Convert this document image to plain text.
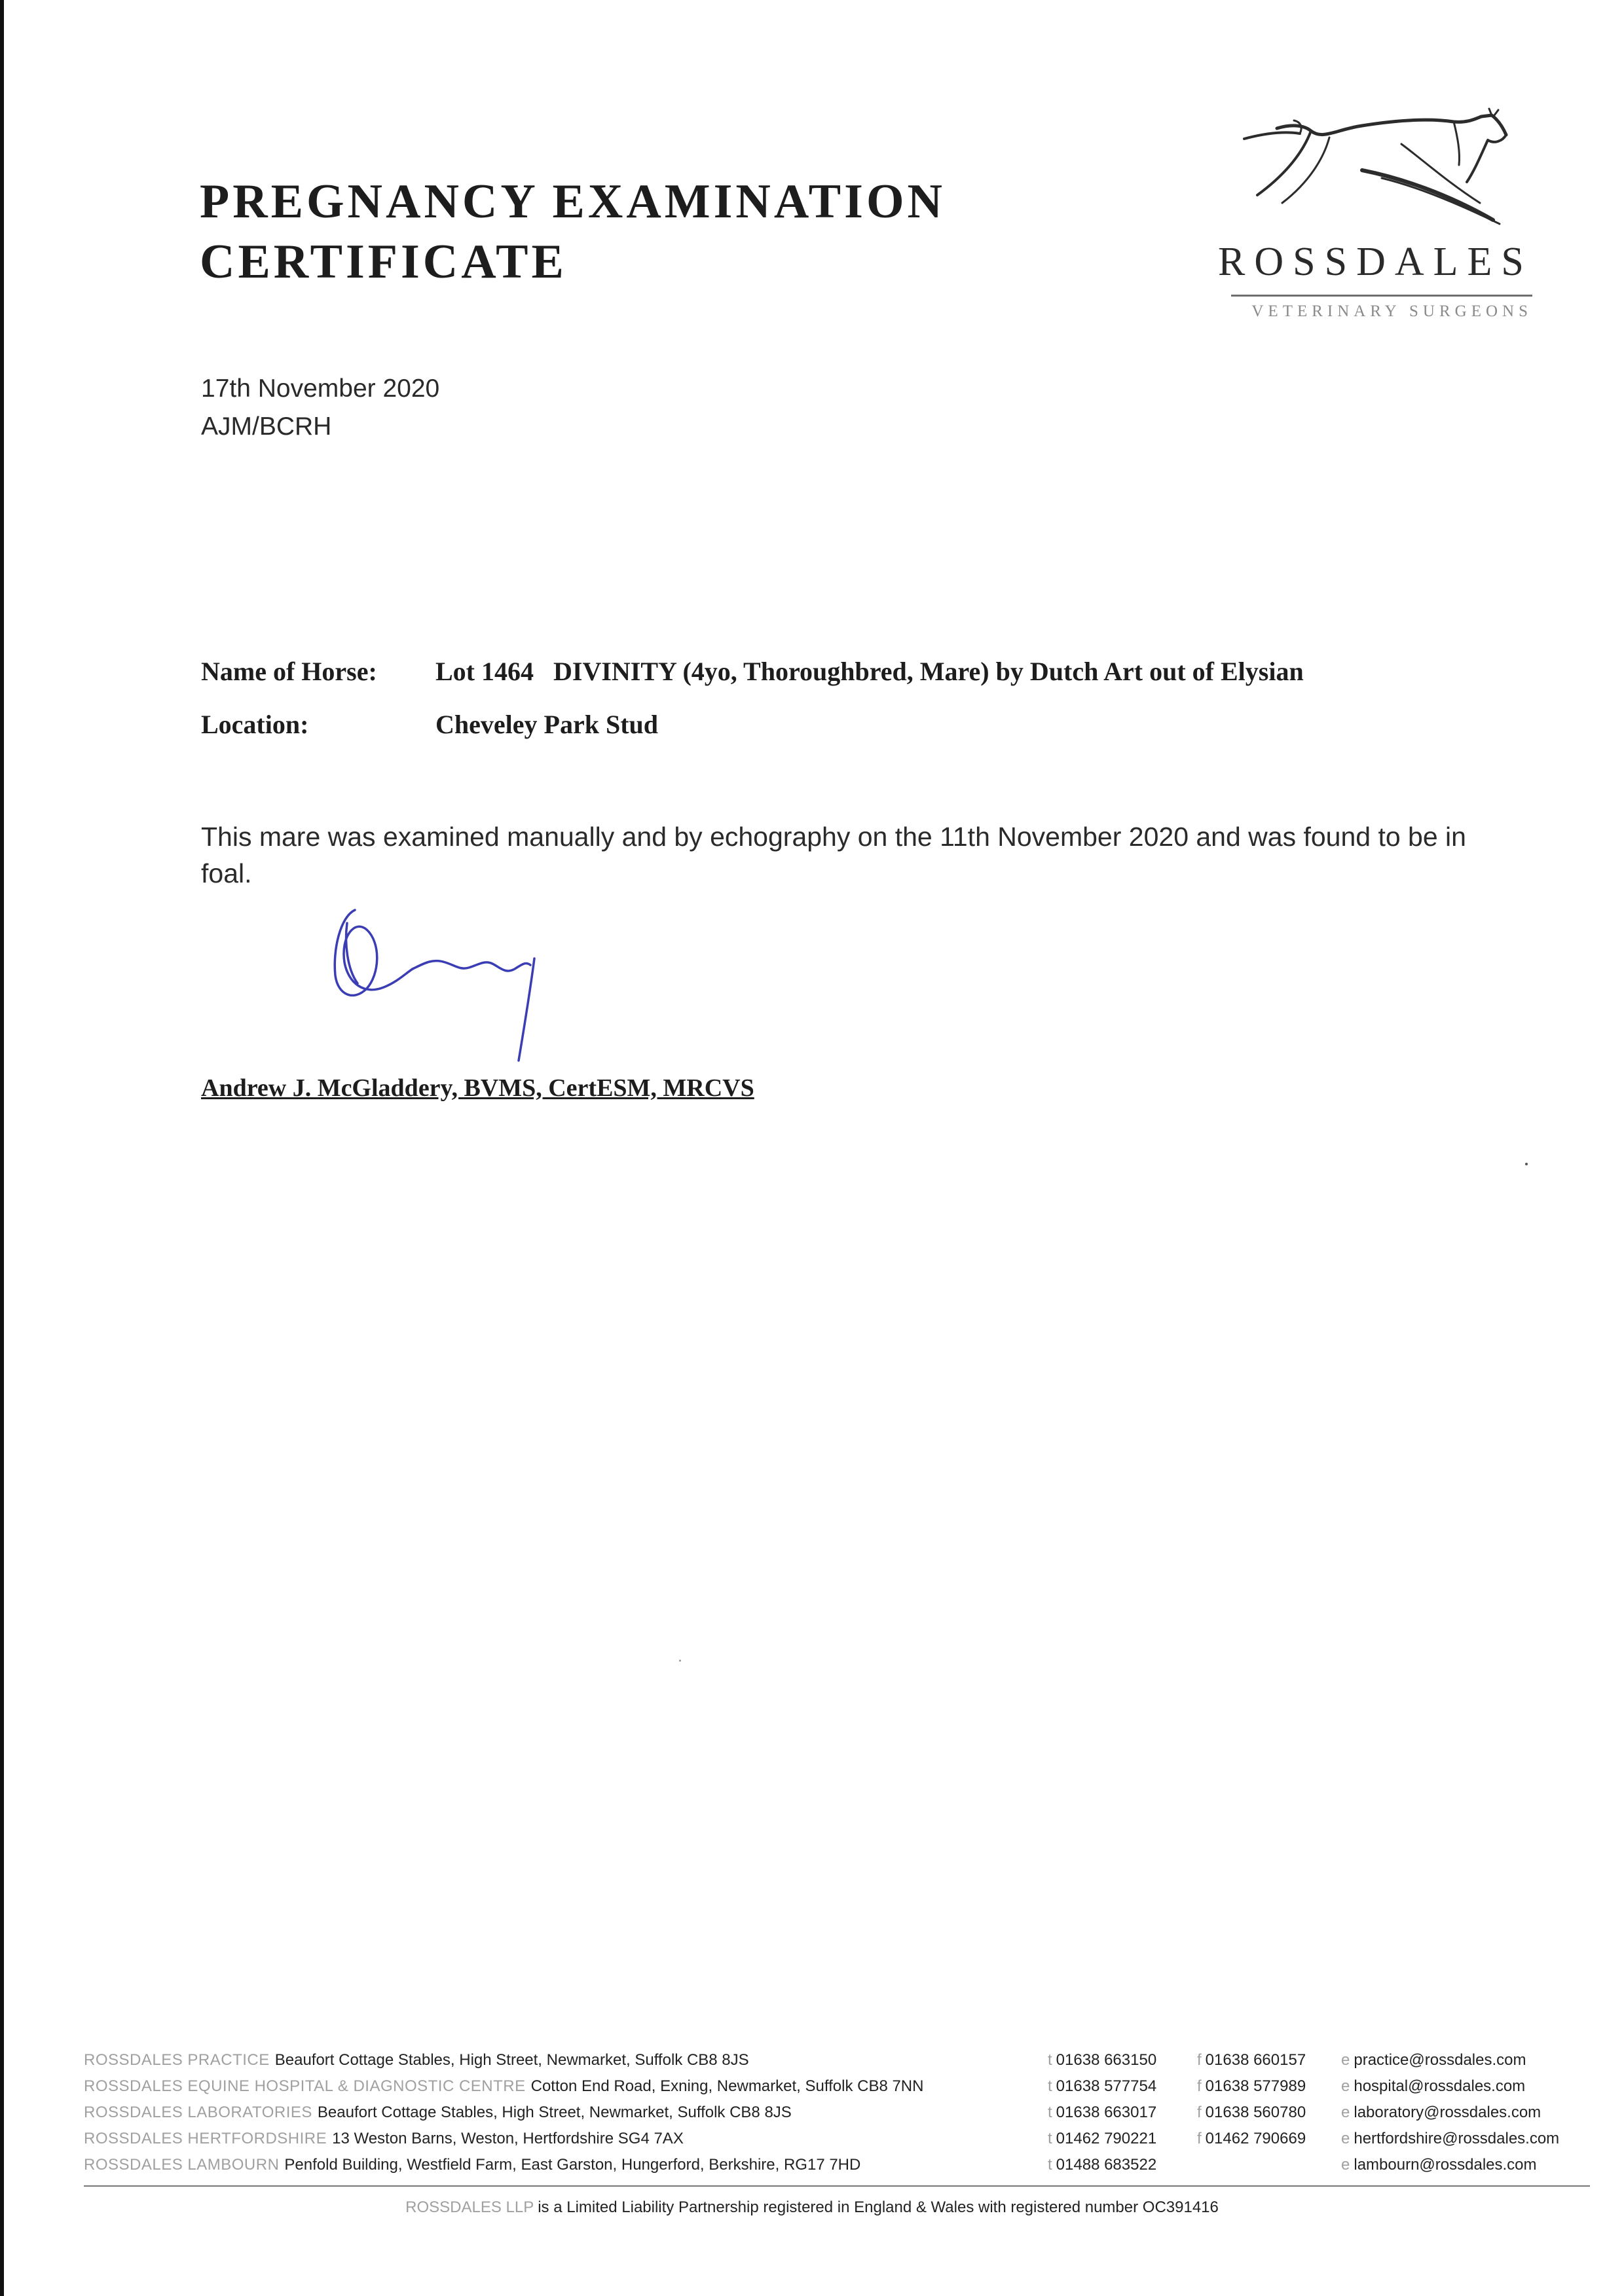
PREGNANCY EXAMINATION
CERTIFICATE	ROSSDALES
VETERINARY SURGEONS
17th November 2020
AJM/BCRH
Name of Horse: Lot 1464   DIVINITY (4yo, Thoroughbred, Mare) by Dutch Art out of Elysian
Location:	Cheveley Park Stud
This mare was examined manually and by echography on the 11th November 2020 and was found to be in foal.
Andrew J. McGladdery, BVMS, CertESM, MRCVS
ROSSDALES PRACTICE Beaufort Cottage Stables, High Street, Newmarket, Suffolk CB8 8JS	t 01638 663150	f 01638 660157 e practice@rossdales.com
ROSSDALES EQUINE HOSPITAL & DIAGNOSTIC CENTRE Cotton End Road, Exning, Newmarket, Suffolk CB8 7NN	t 01638 577754	f 01638 577989 e hospital@rossdales.com
ROSSDALES LABORATORIES Beaufort Cottage Stables, High Street, Newmarket, Suffolk CB8 8JS	t 01638 663017	f 01638 560780 e laboratory@rossdales.com
ROSSDALES HERTFORDSHIRE 13 Weston Barns, Weston, Hertfordshire SG4 7AX	t 01462 790221	f 01462 790669 e hertfordshire@rossdales.com
ROSSDALES LAMBOURN Penfold Building, Westfield Farm, East Garston, Hungerford, Berkshire, RG17 7HD	t 01488 683522	e lambourn@rossdales.com
ROSSDALES LLP is a Limited Liability Partnership registered in England & Wales with registered number OC391416
